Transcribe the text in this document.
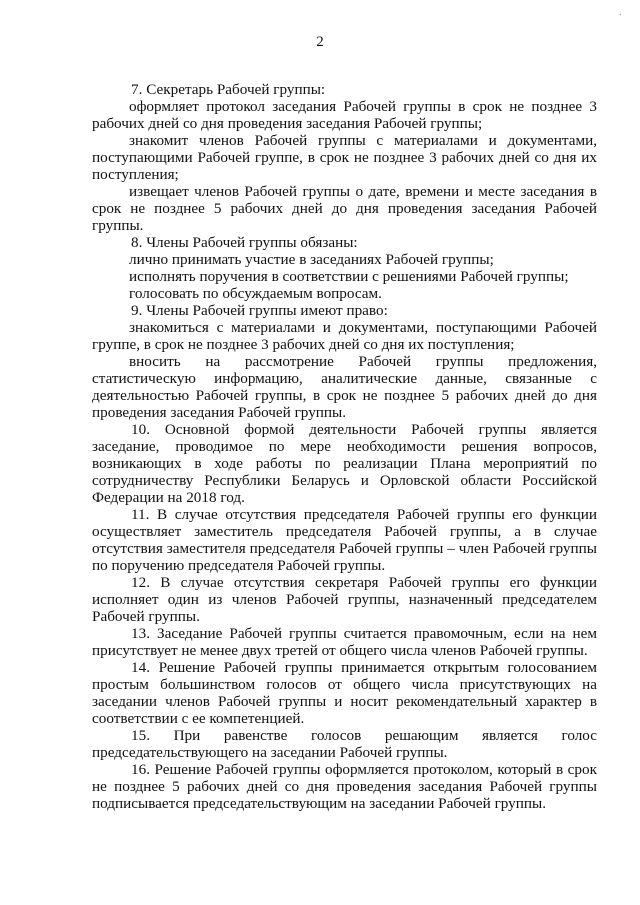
·
2
7. Секретарь Рабочей группы:
оформляет протокол заседания Рабочей группы в срок не позднее 3 рабочих дней со дня проведения заседания Рабочей группы;
знакомит членов Рабочей группы с материалами и документами, поступающими Рабочей группе, в срок не позднее 3 рабочих дней со дня их поступления;
извещает членов Рабочей группы о дате, времени и месте заседания в срок не позднее 5 рабочих дней до дня проведения заседания Рабочей группы.
8. Члены Рабочей группы обязаны:
лично принимать участие в заседаниях Рабочей группы;
исполнять поручения в соответствии с решениями Рабочей группы;
голосовать по обсуждаемым вопросам.
9. Члены Рабочей группы имеют право:
знакомиться с материалами и документами, поступающими Рабочей группе, в срок не позднее 3 рабочих дней со дня их поступления;
вносить на рассмотрение Рабочей группы предложения, статистическую информацию, аналитические данные, связанные с деятельностью Рабочей группы, в срок не позднее 5 рабочих дней до дня проведения заседания Рабочей группы.
10. Основной формой деятельности Рабочей группы является заседание, проводимое по мере необходимости решения вопросов, возникающих в ходе работы по реализации Плана мероприятий по сотрудничеству Республики Беларусь и Орловской области Российской Федерации на 2018 год.
11. В случае отсутствия председателя Рабочей группы его функции осуществляет заместитель председателя Рабочей группы, а в случае отсутствия заместителя председателя Рабочей группы – член Рабочей группы по поручению председателя Рабочей группы.
12. В случае отсутствия секретаря Рабочей группы его функции исполняет один из членов Рабочей группы, назначенный председателем Рабочей группы.
13. Заседание Рабочей группы считается правомочным, если на нем присутствует не менее двух третей от общего числа членов Рабочей группы.
14. Решение Рабочей группы принимается открытым голосованием простым большинством голосов от общего числа присутствующих на заседании членов Рабочей группы и носит рекомендательный характер в соответствии с ее компетенцией.
15. При равенстве голосов решающим является голос председательствующего на заседании Рабочей группы.
16. Решение Рабочей группы оформляется протоколом, который в срок не позднее 5 рабочих дней со дня проведения заседания Рабочей группы подписывается председательствующим на заседании Рабочей группы.
